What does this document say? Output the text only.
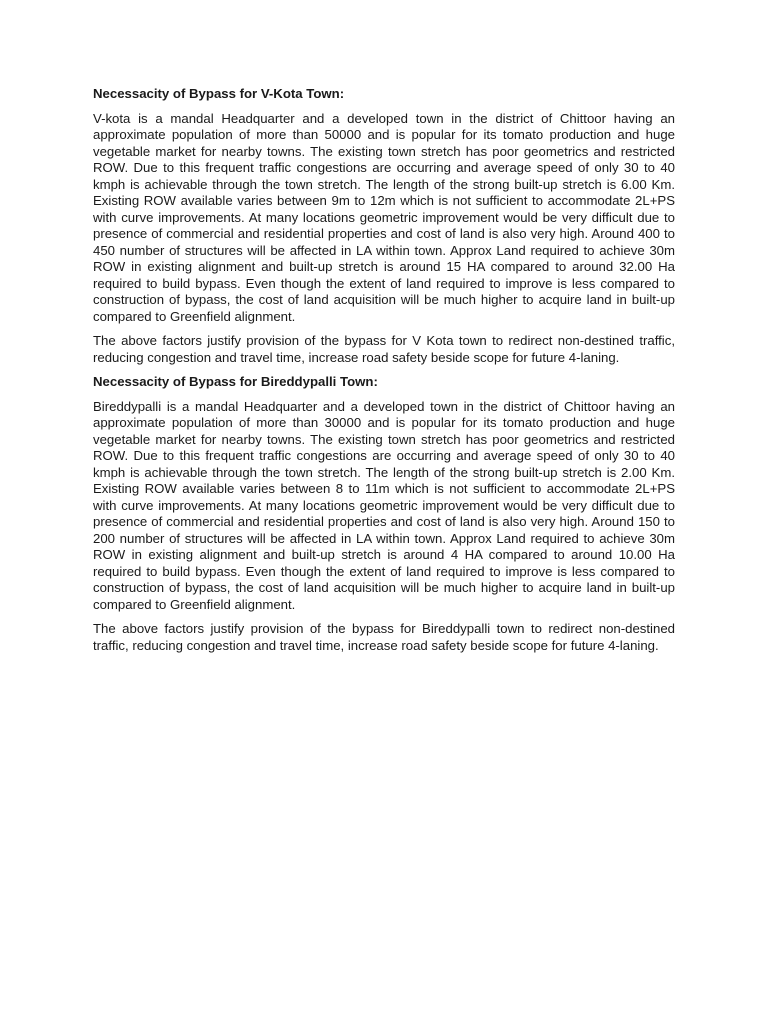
Necessacity of Bypass for V-Kota Town:

V-kota is a mandal Headquarter and a developed town in the district of Chittoor having an approximate population of more than 50000 and is popular for its tomato production and huge vegetable market for nearby towns. The existing town stretch has poor geometrics and restricted ROW. Due to this frequent traffic congestions are occurring and average speed of only 30 to 40 kmph is achievable through the town stretch. The length of the strong built-up stretch is 6.00 Km. Existing ROW available varies between 9m to 12m which is not sufficient to accommodate 2L+PS with curve improvements. At many locations geometric improvement would be very difficult due to presence of commercial and residential properties and cost of land is also very high. Around 400 to 450 number of structures will be affected in LA within town. Approx Land required to achieve 30m ROW in existing alignment and built-up stretch is around 15 HA compared to around 32.00 Ha required to build bypass. Even though the extent of land required to improve is less compared to construction of bypass, the cost of land acquisition will be much higher to acquire land in built-up compared to Greenfield alignment.

The above factors justify provision of the bypass for V Kota town to redirect non-destined traffic, reducing congestion and travel time, increase road safety beside scope for future 4-laning.

Necessacity of Bypass for Bireddypalli Town:

Bireddypalli is a mandal Headquarter and a developed town in the district of Chittoor having an approximate population of more than 30000 and is popular for its tomato production and huge vegetable market for nearby towns. The existing town stretch has poor geometrics and restricted ROW. Due to this frequent traffic congestions are occurring and average speed of only 30 to 40 kmph is achievable through the town stretch. The length of the strong built-up stretch is 2.00 Km. Existing ROW available varies between 8 to 11m which is not sufficient to accommodate 2L+PS with curve improvements. At many locations geometric improvement would be very difficult due to presence of commercial and residential properties and cost of land is also very high. Around 150 to 200 number of structures will be affected in LA within town. Approx Land required to achieve 30m ROW in existing alignment and built-up stretch is around 4 HA compared to around 10.00 Ha required to build bypass. Even though the extent of land required to improve is less compared to construction of bypass, the cost of land acquisition will be much higher to acquire land in built-up compared to Greenfield alignment.

The above factors justify provision of the bypass for Bireddypalli town to redirect non-destined traffic, reducing congestion and travel time, increase road safety beside scope for future 4-laning.
